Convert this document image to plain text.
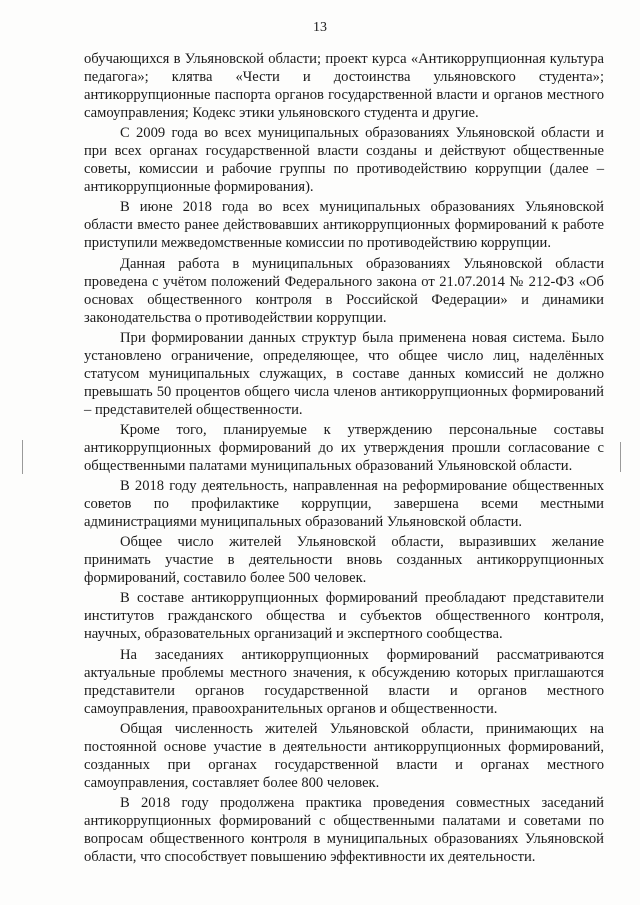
13

обучающихся в Ульяновской области; проект курса «Антикоррупционная культура педагога»; клятва «Чести и достоинства ульяновского студента»; антикоррупционные паспорта органов государственной власти и органов местного самоуправления; Кодекс этики ульяновского студента и другие.

С 2009 года во всех муниципальных образованиях Ульяновской области и при всех органах государственной власти созданы и действуют общественные советы, комиссии и рабочие группы по противодействию коррупции (далее – антикоррупционные формирования).

В июне 2018 года во всех муниципальных образованиях Ульяновской области вместо ранее действовавших антикоррупционных формирований к работе приступили межведомственные комиссии по противодействию коррупции.

Данная работа в муниципальных образованиях Ульяновской области проведена с учётом положений Федерального закона от 21.07.2014 № 212-ФЗ «Об основах общественного контроля в Российской Федерации» и динамики законодательства о противодействии коррупции.

При формировании данных структур была применена новая система. Было установлено ограничение, определяющее, что общее число лиц, наделённых статусом муниципальных служащих, в составе данных комиссий не должно превышать 50 процентов общего числа членов антикоррупционных формирований – представителей общественности.

Кроме того, планируемые к утверждению персональные составы антикоррупционных формирований до их утверждения прошли согласование с общественными палатами муниципальных образований Ульяновской области.

В 2018 году деятельность, направленная на реформирование общественных советов по профилактике коррупции, завершена всеми местными администрациями муниципальных образований Ульяновской области.

Общее число жителей Ульяновской области, выразивших желание принимать участие в деятельности вновь созданных антикоррупционных формирований, составило более 500 человек.

В составе антикоррупционных формирований преобладают представители институтов гражданского общества и субъектов общественного контроля, научных, образовательных организаций и экспертного сообщества.

На заседаниях антикоррупционных формирований рассматриваются актуальные проблемы местного значения, к обсуждению которых приглашаются представители органов государственной власти и органов местного самоуправления, правоохранительных органов и общественности.

Общая численность жителей Ульяновской области, принимающих на постоянной основе участие в деятельности антикоррупционных формирований, созданных при органах государственной власти и органах местного самоуправления, составляет более 800 человек.

В 2018 году продолжена практика проведения совместных заседаний антикоррупционных формирований с общественными палатами и советами по вопросам общественного контроля в муниципальных образованиях Ульяновской области, что способствует повышению эффективности их деятельности.
